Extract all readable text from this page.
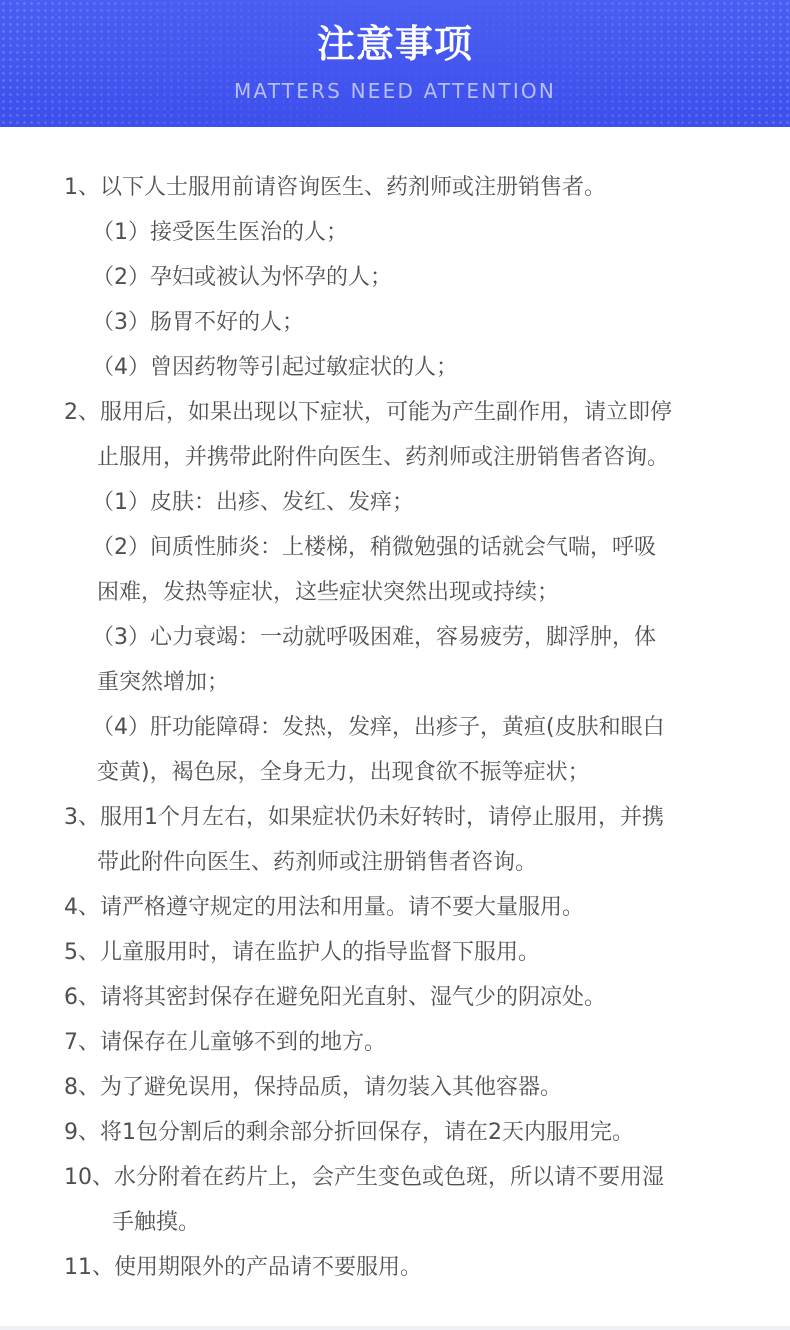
注意事项
MATTERS NEED ATTENTION
1、以下人士服用前请咨询医生、药剂师或注册销售者。
（1）接受医生医治的人；
（2）孕妇或被认为怀孕的人；
（3）肠胃不好的人；
（4）曾因药物等引起过敏症状的人；
2、服用后，如果出现以下症状，可能为产生副作用，请立即停
止服用，并携带此附件向医生、药剂师或注册销售者咨询。
（1）皮肤：出疹、发红、发痒；
（2）间质性肺炎：上楼梯，稍微勉强的话就会气喘，呼吸
困难，发热等症状，这些症状突然出现或持续；
（3）心力衰竭：一动就呼吸困难，容易疲劳，脚浮肿，体
重突然增加；
（4）肝功能障碍：发热，发痒，出疹子，黄疸(皮肤和眼白
变黄)，褐色尿，全身无力，出现食欲不振等症状；
3、服用1个月左右，如果症状仍未好转时，请停止服用，并携
带此附件向医生、药剂师或注册销售者咨询。
4、请严格遵守规定的用法和用量。请不要大量服用。
5、儿童服用时，请在监护人的指导监督下服用。
6、请将其密封保存在避免阳光直射、湿气少的阴凉处。
7、请保存在儿童够不到的地方。
8、为了避免误用，保持品质，请勿装入其他容器。
9、将1包分割后的剩余部分折回保存，请在2天内服用完。
10、水分附着在药片上，会产生变色或色斑，所以请不要用湿
手触摸。
11、使用期限外的产品请不要服用。
